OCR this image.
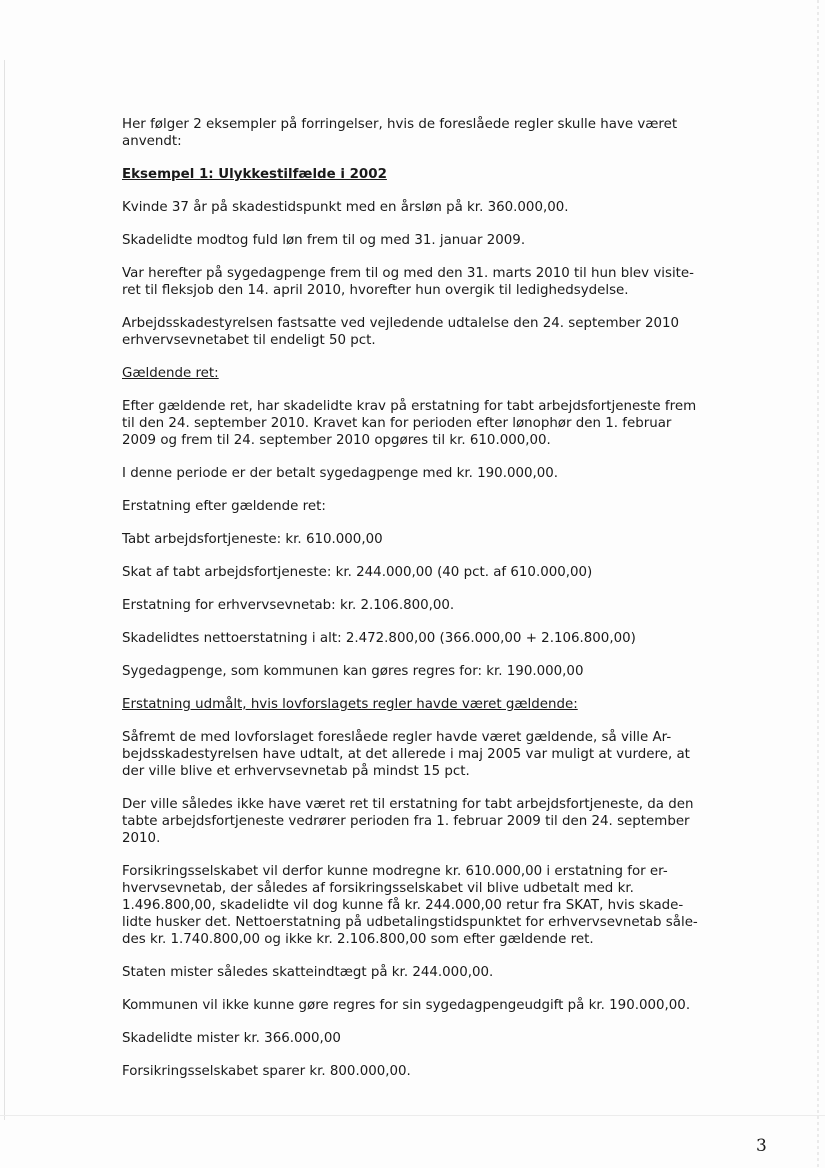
Her følger 2 eksempler på forringelser, hvis de foreslåede regler skulle have været
anvendt:
Eksempel 1: Ulykkestilfælde i 2002
Kvinde 37 år på skadestidspunkt med en årsløn på kr. 360.000,00.
Skadelidte modtog fuld løn frem til og med 31. januar 2009.
Var herefter på sygedagpenge frem til og med den 31. marts 2010 til hun blev visite-
ret til fleksjob den 14. april 2010, hvorefter hun overgik til ledighedsydelse.
Arbejdsskadestyrelsen fastsatte ved vejledende udtalelse den 24. september 2010
erhvervsevnetabet til endeligt 50 pct.
Gældende ret:
Efter gældende ret, har skadelidte krav på erstatning for tabt arbejdsfortjeneste frem
til den 24. september 2010. Kravet kan for perioden efter lønophør den 1. februar
2009 og frem til 24. september 2010 opgøres til kr. 610.000,00.
I denne periode er der betalt sygedagpenge med kr. 190.000,00.
Erstatning efter gældende ret:
Tabt arbejdsfortjeneste: kr. 610.000,00
Skat af tabt arbejdsfortjeneste: kr. 244.000,00 (40 pct. af 610.000,00)
Erstatning for erhvervsevnetab: kr. 2.106.800,00.
Skadelidtes nettoerstatning i alt: 2.472.800,00 (366.000,00 + 2.106.800,00)
Sygedagpenge, som kommunen kan gøres regres for: kr. 190.000,00
Erstatning udmålt, hvis lovforslagets regler havde været gældende:
Såfremt de med lovforslaget foreslåede regler havde været gældende, så ville Ar-
bejdsskadestyrelsen have udtalt, at det allerede i maj 2005 var muligt at vurdere, at
der ville blive et erhvervsevnetab på mindst 15 pct.
Der ville således ikke have været ret til erstatning for tabt arbejdsfortjeneste, da den
tabte arbejdsfortjeneste vedrører perioden fra 1. februar 2009 til den 24. september
2010.
Forsikringsselskabet vil derfor kunne modregne kr. 610.000,00 i erstatning for er-
hvervsevnetab, der således af forsikringsselskabet vil blive udbetalt med kr.
1.496.800,00, skadelidte vil dog kunne få kr. 244.000,00 retur fra SKAT, hvis skade-
lidte husker det. Nettoerstatning på udbetalingstidspunktet for erhvervsevnetab såle-
des kr. 1.740.800,00 og ikke kr. 2.106.800,00 som efter gældende ret.
Staten mister således skatteindtægt på kr. 244.000,00.
Kommunen vil ikke kunne gøre regres for sin sygedagpengeudgift på kr. 190.000,00.
Skadelidte mister kr. 366.000,00
Forsikringsselskabet sparer kr. 800.000,00.
3
